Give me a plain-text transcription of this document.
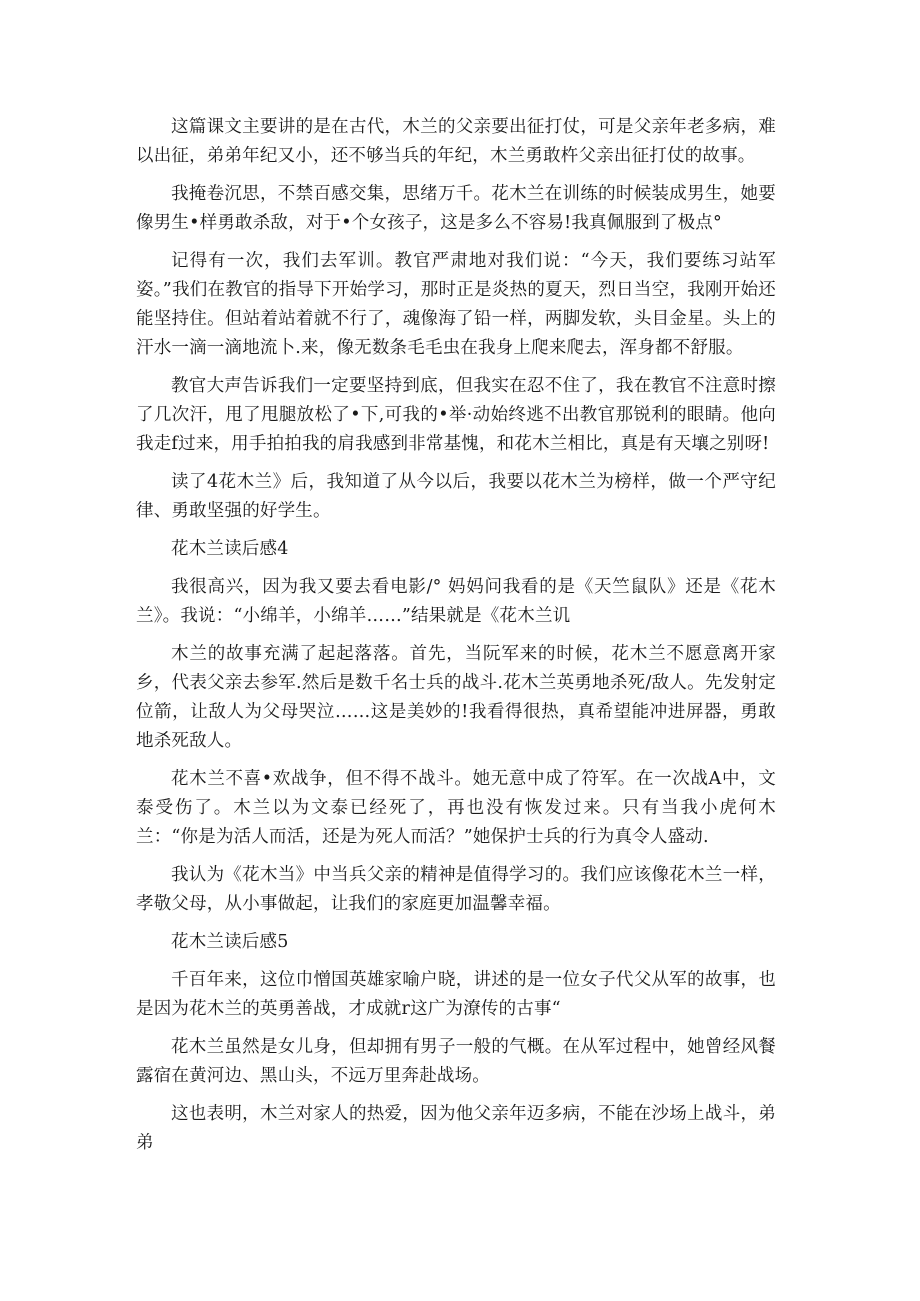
这篇课文主要讲的是在古代，木兰的父亲要出征打仗，可是父亲年老多病，难以出征，弟弟年纪又小，还不够当兵的年纪，木兰勇敢杵父亲出征打仗的故事。

我掩卷沉思，不禁百感交集，思绪万千。花木兰在训练的时候装成男生，她要像男生•样勇敢杀敌，对于•个女孩子，这是多么不容易!我真佩服到了极点°

记得有一次，我们去军训。教官严肃地对我们说：“今天，我们要练习站军姿。”我们在教官的指导下开始学习，那时正是炎热的夏天，烈日当空，我刚开始还能坚持住。但站着站着就不行了，魂像海了铅一样，两脚发软，头目金星。头上的汗水一滴一滴地流卜.来，像无数条毛毛虫在我身上爬来爬去，浑身都不舒服。

教官大声告诉我们一定要坚持到底，但我实在忍不住了，我在教官不注意时擦了几次汗，甩了甩腿放松了•下,可我的•举·动始终逃不出教官那锐利的眼睛。他向我走f过来，用手拍拍我的肩我感到非常基愧，和花木兰相比，真是有天壤之别呀!

读了4花木兰》后，我知道了从今以后，我要以花木兰为榜样，做一个严守纪律、勇敢坚强的好学生。

花木兰读后感4

我很高兴，因为我又要去看电影/° 妈妈问我看的是《天竺鼠队》还是《花木兰》。我说：“小绵羊，小绵羊……”结果就是《花木兰讥

木兰的故事充满了起起落落。首先，当阮军来的时候，花木兰不愿意离开家乡，代表父亲去参军.然后是数千名士兵的战斗.花木兰英勇地杀死/敌人。先发射定位箭，让敌人为父母哭泣……这是美妙的!我看得很热，真希望能冲进屏器，勇敢地杀死敌人。

花木兰不喜•欢战争，但不得不战斗。她无意中成了符军。在一次战A中，文泰受伤了。木兰以为文泰已经死了，再也没有恢发过来。只有当我小虎何木兰：“你是为活人而活，还是为死人而活？”她保护士兵的行为真令人盛动.

我认为《花木当》中当兵父亲的精神是值得学习的。我们应该像花木兰一样，孝敬父母，从小事做起，让我们的家庭更加温馨幸福。

花木兰读后感5

千百年来，这位巾憎国英雄家喻户晓，讲述的是一位女子代父从军的故事，也是因为花木兰的英勇善战，才成就r这广为潦传的古事“

花木兰虽然是女儿身，但却拥有男子一般的气概。在从军过程中，她曾经风餐露宿在黄河边、黑山头，不远万里奔赴战场。

这也表明，木兰对家人的热爱，因为他父亲年迈多病，不能在沙场上战斗，弟弟
